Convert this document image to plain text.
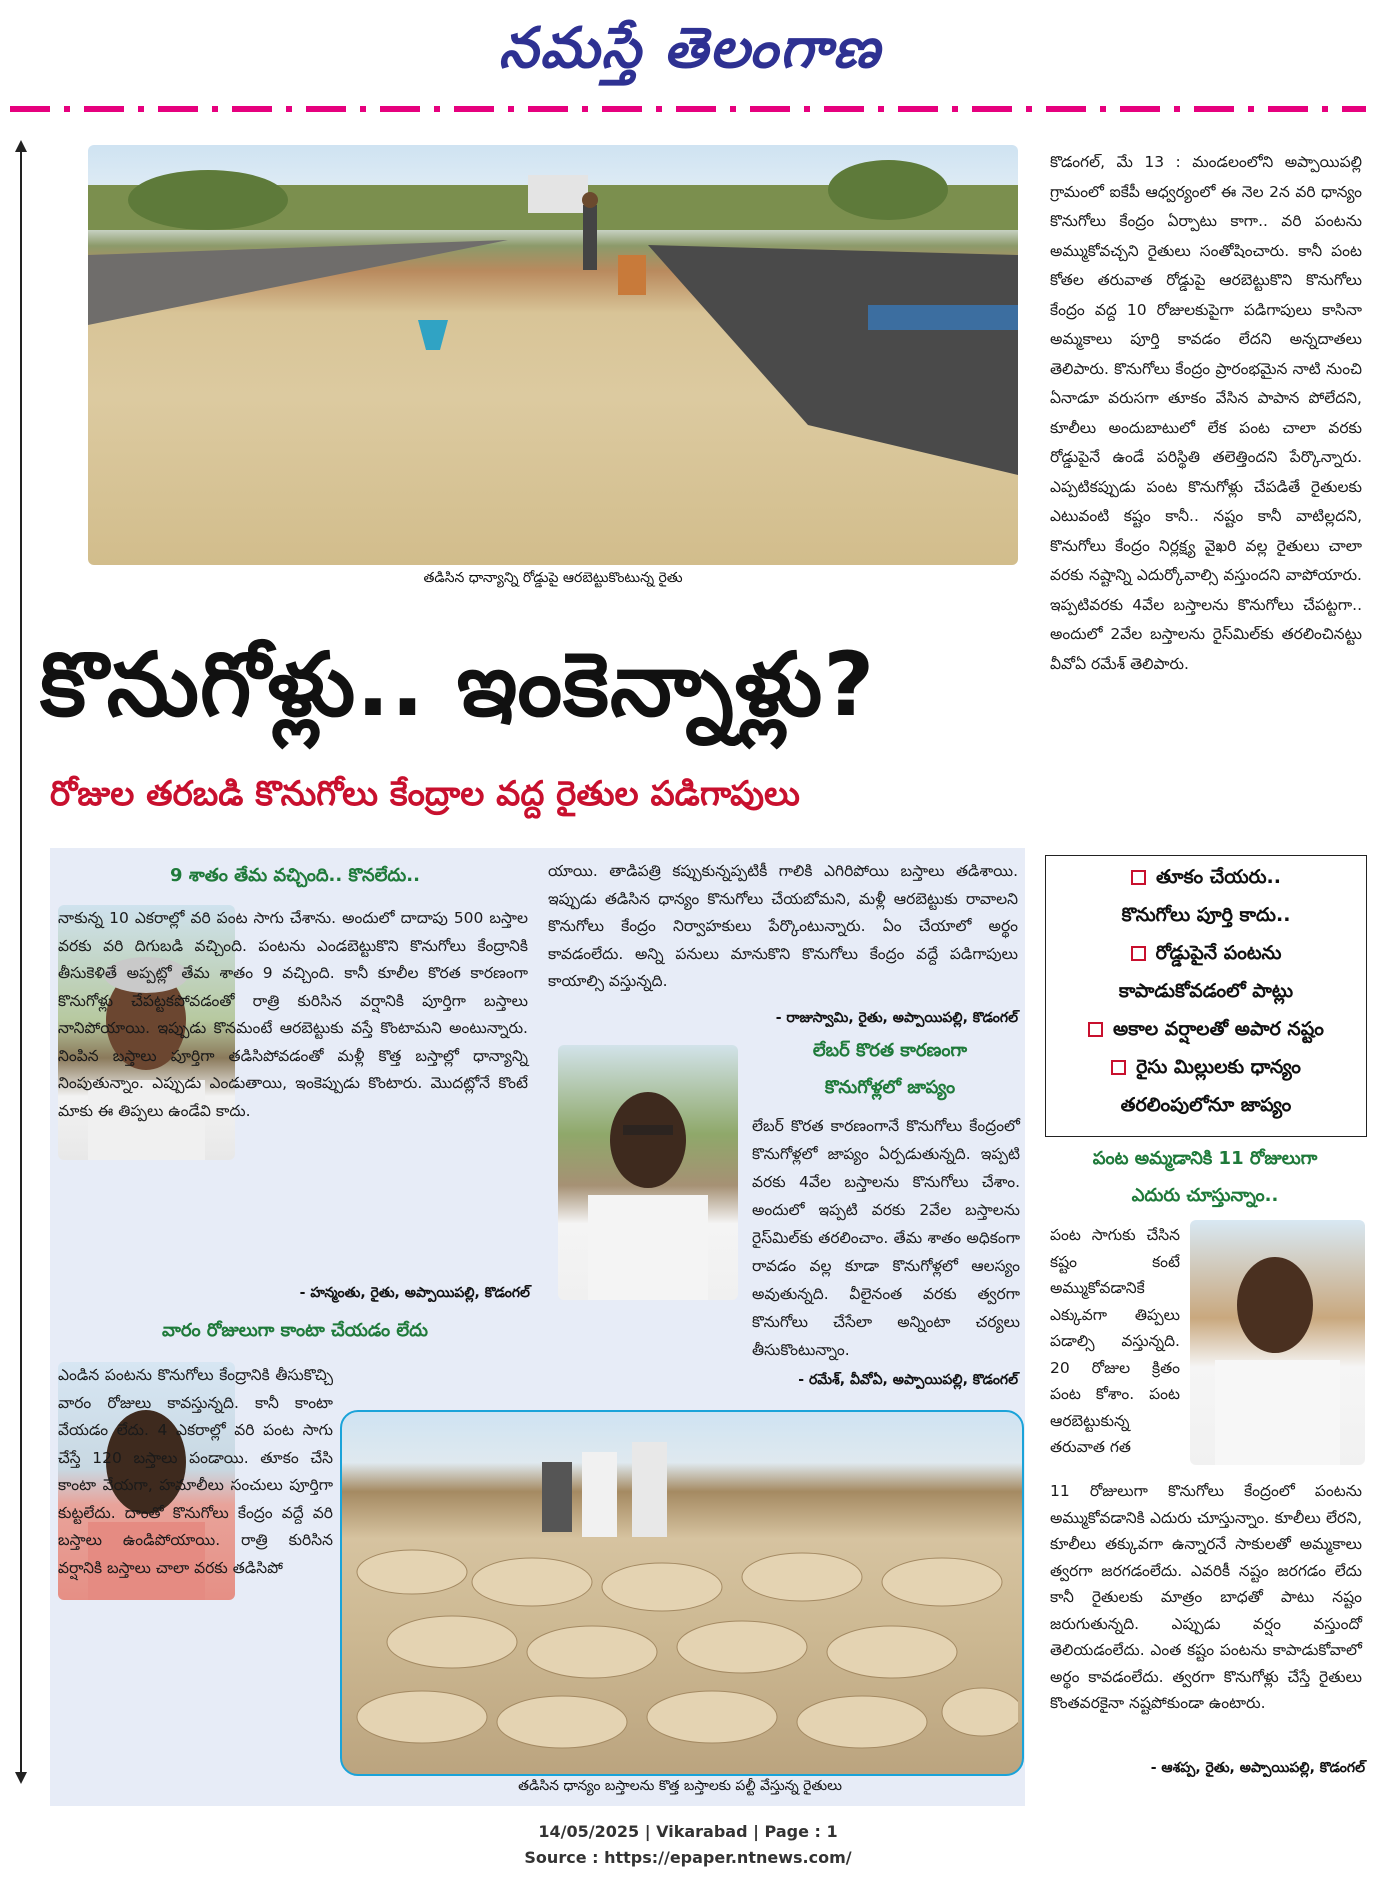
నమస్తే తెలంగాణ
తడిసిన ధాన్యాన్ని రోడ్డుపై ఆరబెట్టుకొంటున్న రైతు
కొడంగల్, మే 13 : మండలంలోని అప్పాయిపల్లి గ్రామంలో ఐకేపీ ఆధ్వర్యంలో ఈ నెల 2న వరి ధాన్యం కొనుగోలు కేంద్రం ఏర్పాటు కాగా.. వరి పంటను అమ్ముకోవచ్చని రైతులు సంతోషించారు. కానీ పంట కోతల తరువాత రోడ్డుపై ఆరబెట్టుకొని కొనుగోలు కేంద్రం వద్ద 10 రోజులకుపైగా పడిగాపులు కాసినా అమ్మకాలు పూర్తి కావడం లేదని అన్నదాతలు తెలిపారు. కొనుగోలు కేంద్రం ప్రారంభమైన నాటి నుంచి ఏనాడూ వరుసగా తూకం వేసిన పాపాన పోలేదని, కూలీలు అందుబాటులో లేక పంట చాలా వరకు రోడ్డుపైనే ఉండే పరిస్థితి తలెత్తిందని పేర్కొన్నారు. ఎప్పటికప్పుడు పంట కొనుగోళ్లు చేపడితే రైతులకు ఎటువంటి కష్టం కానీ.. నష్టం కానీ వాటిల్లదని, కొనుగోలు కేంద్రం నిర్లక్ష్య వైఖరి వల్ల రైతులు చాలా వరకు నష్టాన్ని ఎదుర్కోవాల్సి వస్తుందని వాపోయారు. ఇప్పటివరకు 4వేల బస్తాలను కొనుగోలు చేపట్టగా.. అందులో 2వేల బస్తాలను రైస్‌మిల్‌కు తరలించినట్టు వీవోఏ రమేశ్ తెలిపారు.
కొనుగోళ్లు.. ఇంకెన్నాళ్లు?
రోజుల తరబడి కొనుగోలు కేంద్రాల వద్ద రైతుల పడిగాపులు
9 శాతం తేమ వచ్చింది.. కొనలేదు..
నాకున్న 10 ఎకరాల్లో వరి పంట సాగు చేశాను. అందులో దాదాపు 500 బస్తాల వరకు వరి దిగుబడి వచ్చింది. పంటను ఎండబెట్టుకొని కొనుగోలు కేంద్రానికి తీసుకెళితే అప్పట్లో తేమ శాతం 9 వచ్చింది. కానీ కూలీల కొరత కారణంగా కొనుగోళ్లు చేపట్టకపోవడంతో రాత్రి కురిసిన వర్షానికి పూర్తిగా బస్తాలు నానిపోయాయి. ఇప్పుడు కొనమంటే ఆరబెట్టుకు వస్తే కొంటామని అంటున్నారు. నింపిన బస్తాలు పూర్తిగా తడిసిపోవడంతో మళ్లీ కొత్త బస్తాల్లో ధాన్యాన్ని నింపుతున్నాం. ఎప్పుడు ఎండుతాయి, ఇంకెప్పుడు కొంటారు. మొదట్లోనే కొంటే మాకు ఈ తిప్పలు ఉండేవి కాదు.
- హన్మంతు, రైతు, అప్పాయిపల్లి, కొడంగల్
వారం రోజులుగా కాంటా చేయడం లేదు
ఎండిన పంటను కొనుగోలు కేంద్రానికి తీసుకొచ్చి వారం రోజులు కావస్తున్నది. కానీ కాంటా వేయడం లేదు. 4 ఎకరాల్లో వరి పంట సాగు చేస్తే 120 బస్తాలు పండాయి. తూకం చేసి కాంటా వేయగా, హమాలీలు సంచులు పూర్తిగా కుట్టలేదు. దాంతో కొనుగోలు కేంద్రం వద్దే వరి బస్తాలు ఉండిపోయాయి. రాత్రి కురిసిన వర్షానికి బస్తాలు చాలా వరకు తడిసిపో
యాయి. తాడిపత్రి కప్పుకున్నప్పటికీ గాలికి ఎగిరిపోయి బస్తాలు తడిశాయి. ఇప్పుడు తడిసిన ధాన్యం కొనుగోలు చేయబోమని, మళ్లీ ఆరబెట్టుకు రావాలని కొనుగోలు కేంద్రం నిర్వాహకులు పేర్కొంటున్నారు. ఏం చేయాలో అర్థం కావడంలేదు. అన్ని పనులు మానుకొని కొనుగోలు కేంద్రం వద్దే పడిగాపులు కాయాల్సి వస్తున్నది.
- రాజుస్వామి, రైతు, అప్పాయిపల్లి, కొడంగల్
లేబర్ కొరత కారణంగా
కొనుగోళ్లలో జాప్యం
లేబర్ కొరత కారణంగానే కొనుగోలు కేంద్రంలో కొనుగోళ్లలో జాప్యం ఏర్పడుతున్నది. ఇప్పటి వరకు 4వేల బస్తాలను కొనుగోలు చేశాం. అందులో ఇప్పటి వరకు 2వేల బస్తాలను రైస్‌మిల్‌కు తరలించాం. తేమ శాతం అధికంగా రావడం వల్ల కూడా కొనుగోళ్లలో ఆలస్యం అవుతున్నది. వీలైనంత వరకు త్వరగా కొనుగోలు చేసేలా అన్నింటా చర్యలు తీసుకొంటున్నాం.
- రమేశ్, వీవోఏ, అప్పాయిపల్లి, కొడంగల్
తడిసిన ధాన్యం బస్తాలను కొత్త బస్తాలకు పల్టీ వేస్తున్న రైతులు
తూకం చేయరు..
కొనుగోలు పూర్తి కాదు..
రోడ్డుపైనే పంటను
కాపాడుకోవడంలో పాట్లు
అకాల వర్షాలతో అపార నష్టం
రైసు మిల్లులకు ధాన్యం
తరలింపులోనూ జాప్యం
పంట అమ్మడానికి 11 రోజులుగా
ఎదురు చూస్తున్నాం..
పంట సాగుకు చేసిన కష్టం కంటే అమ్ముకోవడానికే ఎక్కువగా తిప్పలు పడాల్సి వస్తున్నది. 20 రోజుల క్రితం పంట కోశాం. పంట ఆరబెట్టుకున్న తరువాత గత
11 రోజులుగా కొనుగోలు కేంద్రంలో పంటను అమ్ముకోవడానికి ఎదురు చూస్తున్నాం. కూలీలు లేరని, కూలీలు తక్కువగా ఉన్నారనే సాకులతో అమ్మకాలు త్వరగా జరగడంలేదు. ఎవరికీ నష్టం జరగడం లేదు కానీ రైతులకు మాత్రం బాధతో పాటు నష్టం జరుగుతున్నది. ఎప్పుడు వర్షం వస్తుందో తెలియడంలేదు. ఎంత కష్టం పంటను కాపాడుకోవాలో అర్థం కావడంలేదు. త్వరగా కొనుగోళ్లు చేస్తే రైతులు కొంతవరకైనా నష్టపోకుండా ఉంటారు.
- ఆశప్ప, రైతు, అప్పాయిపల్లి, కొడంగల్
14/05/2025 | Vikarabad | Page : 1
Source : https://epaper.ntnews.com/
